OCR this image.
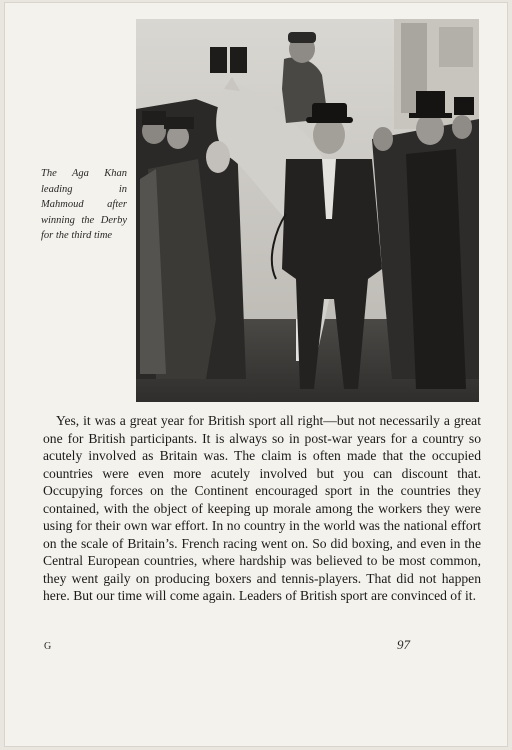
The Aga Khan leading in Mahmoud after winning the Derby for the third time

Yes, it was a great year for British sport all right—but not necessarily a great one for British participants. It is always so in post-war years for a country so acutely involved as Britain was. The claim is often made that the occupied countries were even more acutely involved but you can discount that. Occupying forces on the Continent encouraged sport in the countries they contained, with the object of keeping up morale among the workers they were using for their own war effort. In no country in the world was the national effort on the scale of Britain’s. French racing went on. So did boxing, and even in the Central European countries, where hardship was believed to be most common, they went gaily on producing boxers and tennis-players. That did not happen here. But our time will come again. Leaders of British sport are convinced of it.

G	97
